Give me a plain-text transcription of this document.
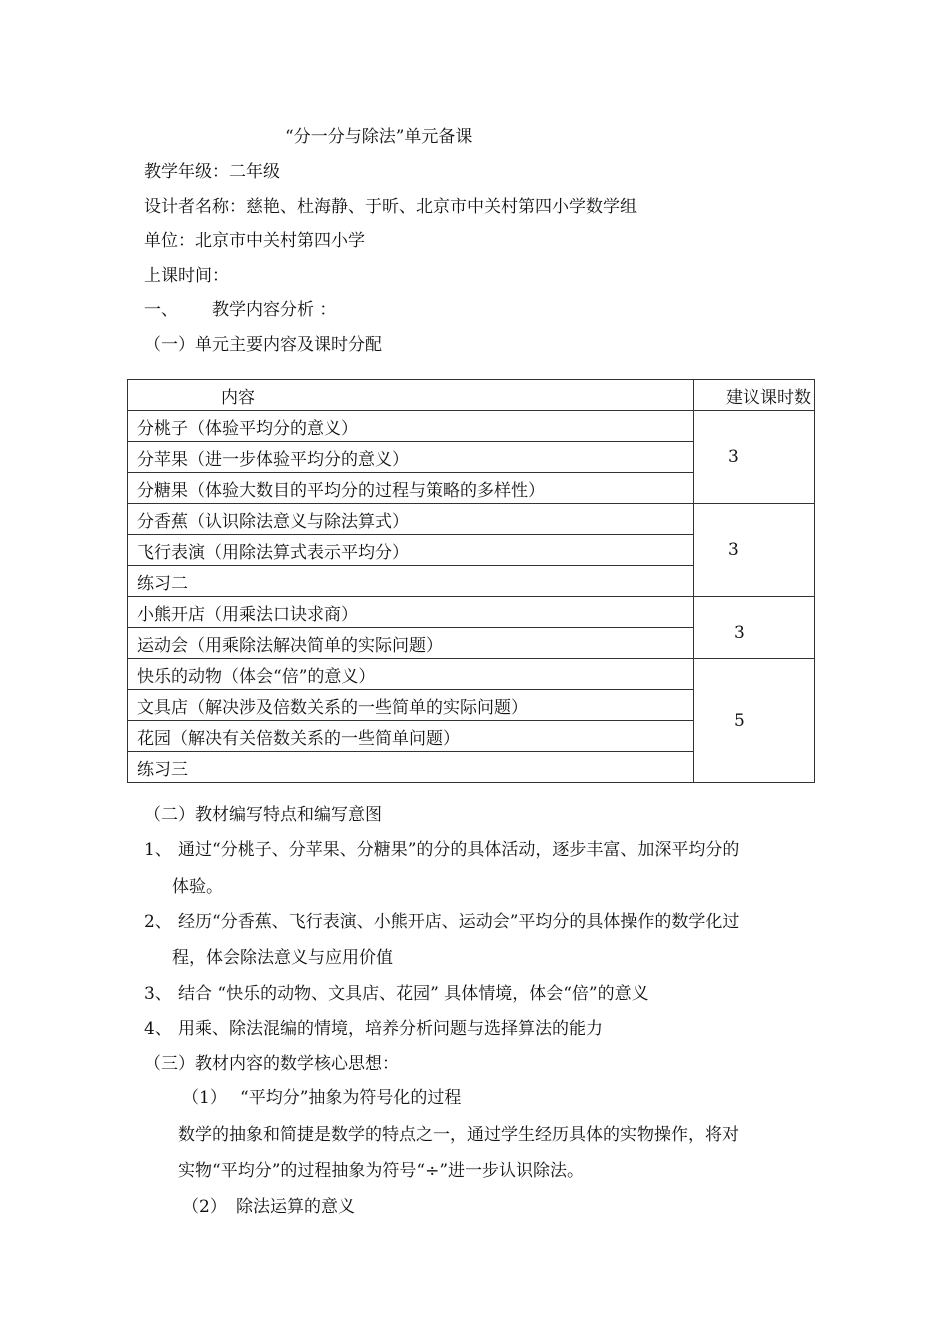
“分一分与除法”单元备课
教学年级：二年级
设计者名称：慈艳、杜海静、于昕、北京市中关村第四小学数学组
单位：北京市中关村第四小学
上课时间：
一、 教学内容分析 ：
（一）单元主要内容及课时分配
内容	建议课时数
分桃子（体验平均分的意义）	3
分苹果（进一步体验平均分的意义）	
分糖果（体验大数目的平均分的过程与策略的多样性）	
分香蕉（认识除法意义与除法算式）	3
飞行表演（用除法算式表示平均分）	
练习二	
小熊开店（用乘法口诀求商）	3
运动会（用乘除法解决简单的实际问题）	
快乐的动物（体会“倍”的意义）	5
文具店（解决涉及倍数关系的一些简单的实际问题）	
花园（解决有关倍数关系的一些简单问题）	
练习三	
（二）教材编写特点和编写意图
1、 通过“分桃子、分苹果、分糖果”的分的具体活动，逐步丰富、加深平均分的
体验。
2、 经历“分香蕉、飞行表演、小熊开店、运动会”平均分的具体操作的数学化过
程，体会除法意义与应用价值
3、 结合 “快乐的动物、文具店、花园” 具体情境，体会“倍”的意义
4、 用乘、除法混编的情境，培养分析问题与选择算法的能力
（三）教材内容的数学核心思想：
（1） “平均分”抽象为符号化的过程
数学的抽象和简捷是数学的特点之一，通过学生经历具体的实物操作，将对
实物“平均分”的过程抽象为符号“÷”进一步认识除法。
（2） 除法运算的意义
